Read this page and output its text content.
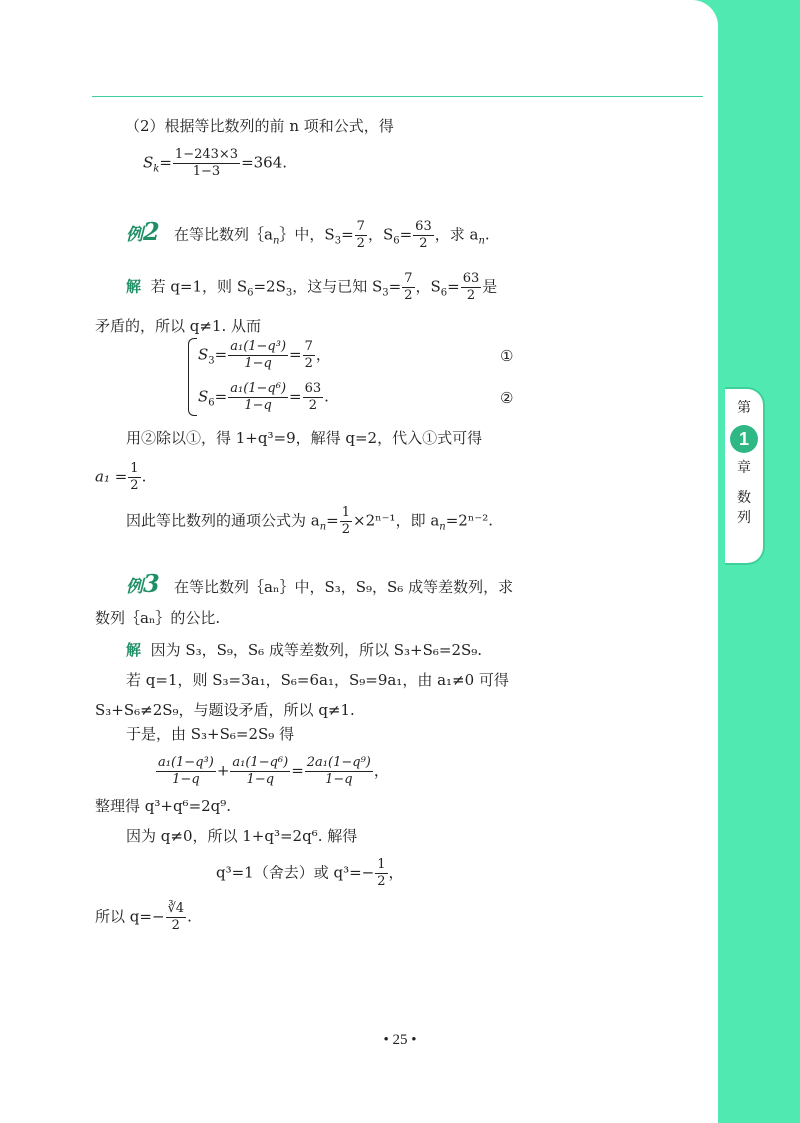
第
1
章
数
列
（2）根据等比数列的前 n 项和公式，得
$S_k= \frac{1-243\times 3}{1-3} =364$.
例2 在等比数列$\{a_n\}$中，$S_3= \frac{7}{2}$ ，$S_6= \frac{63}{2}$ ，求 $a_n$.
解 若 q=1，则 $S_6=2S_3$，这与已知 $S_3= \frac{7}{2}$ ，$S_6= \frac{63}{2}$ 是
矛盾的，所以 q≠1. 从而
$S_3= \frac{\text{a₁(1−q³)}}{1-q} = \frac{7}{2}$ ，	①
$S_6= \frac{\text{a₁(1−q⁶)}}{1-q} = \frac{63}{2}$ .	②
用②除以①，得 1+q³=9，解得 q=2，代入①式可得
$a_1 = \frac{1}{2}$ .
因此等比数列的通项公式为 $a_n= \frac{1}{2} \times 2^{n-1}$，即 $a_n=2^{n-2}$.
例3 在等比数列｛aₙ｝中，S₃，S₉，S₆ 成等差数列，求
数列｛aₙ｝的公比.
解 因为 S₃，S₉，S₆ 成等差数列，所以 S₃+S₆=2S₉.
若 q=1，则 S₃=3a₁，S₆=6a₁，S₉=9a₁，由 a₁≠0 可得
S₃+S₆≠2S₉，与题设矛盾，所以 q≠1.
于是，由 S₃+S₆=2S₉ 得
$\frac{\text{a₁(1−q³)}}{1-q} + \frac{\text{a₁(1−q⁶)}}{1-q} = \frac{\text{2a₁(1−q⁹)}}{1-q}$ ，
整理得 q³+q⁶=2q⁹.
因为 q≠0，所以 1+q³=2q⁶. 解得
q³=1（舍去）或 $q^3=- \frac{1}{2}$ ，
所以 $q=- \frac{∛4}{2}$ .
• 25 •
